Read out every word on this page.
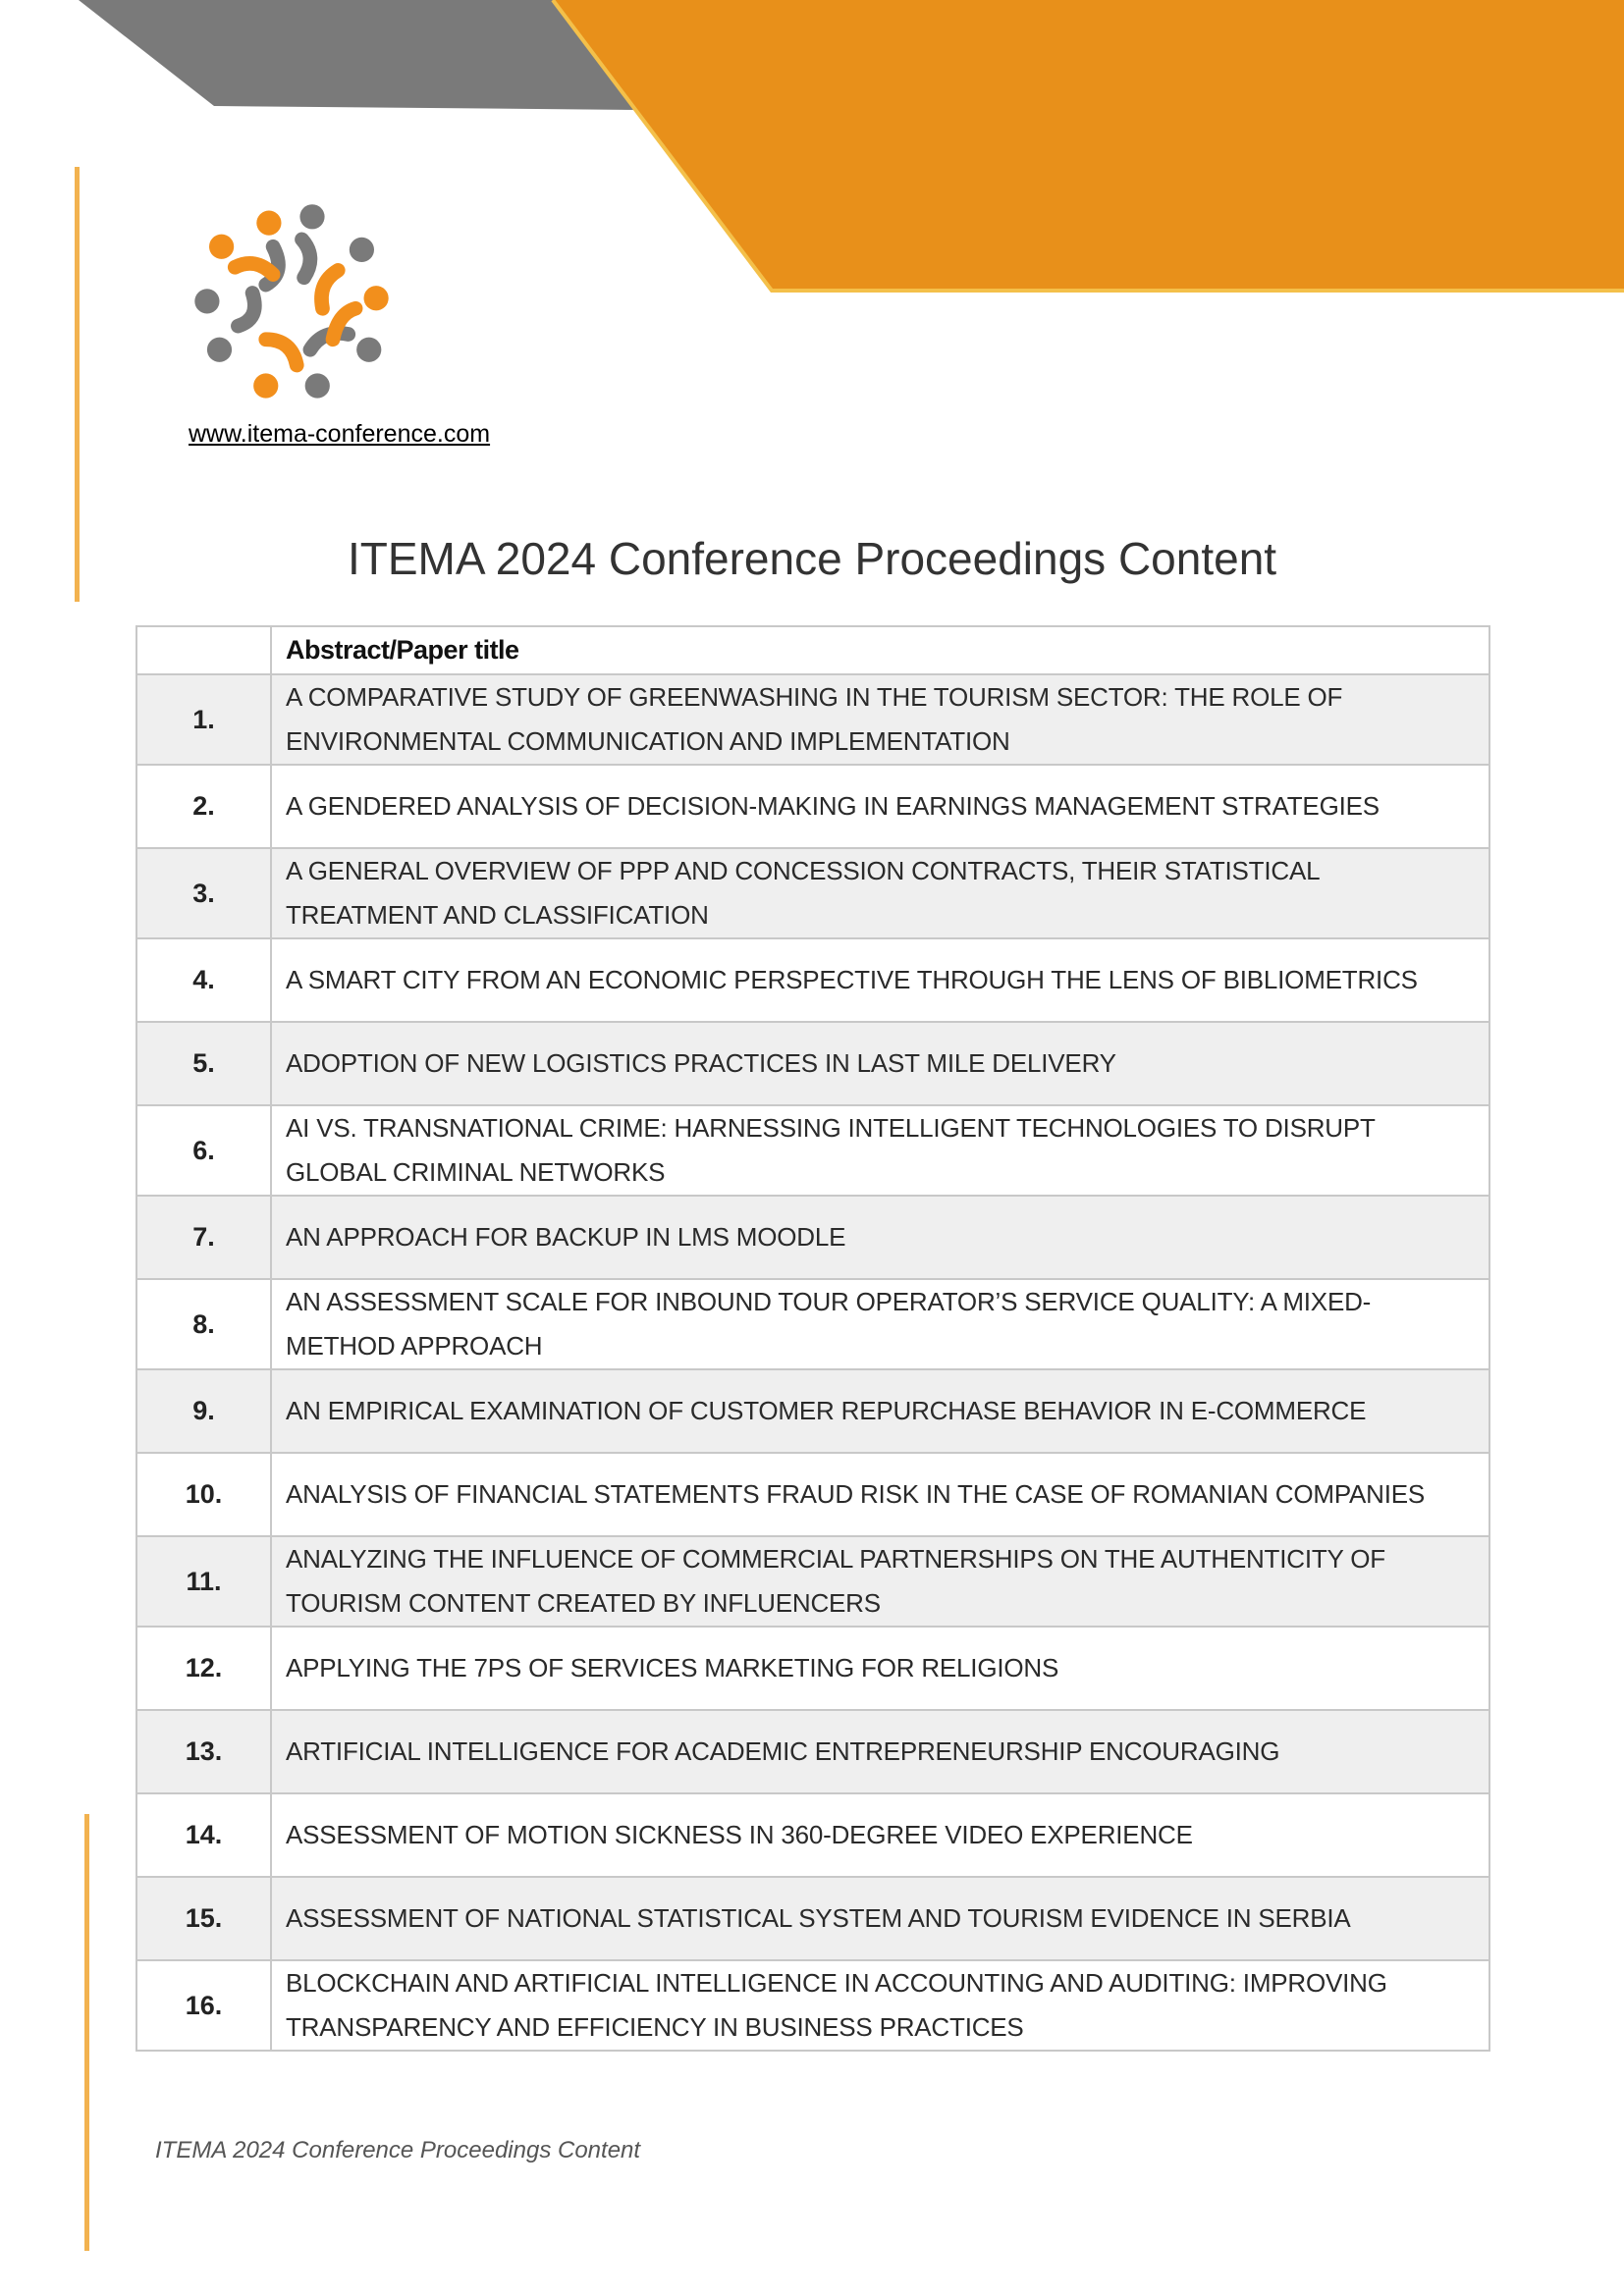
www.itema-conference.com
ITEMA 2024 Conference Proceedings Content
	Abstract/Paper title
1.	A COMPARATIVE STUDY OF GREENWASHING IN THE TOURISM SECTOR: THE ROLE OF ENVIRONMENTAL COMMUNICATION AND IMPLEMENTATION
2.	A GENDERED ANALYSIS OF DECISION-MAKING IN EARNINGS MANAGEMENT STRATEGIES
3.	A GENERAL OVERVIEW OF PPP AND CONCESSION CONTRACTS, THEIR STATISTICAL TREATMENT AND CLASSIFICATION
4.	A SMART CITY FROM AN ECONOMIC PERSPECTIVE THROUGH THE LENS OF BIBLIOMETRICS
5.	ADOPTION OF NEW LOGISTICS PRACTICES IN LAST MILE DELIVERY
6.	AI VS. TRANSNATIONAL CRIME: HARNESSING INTELLIGENT TECHNOLOGIES TO DISRUPT GLOBAL CRIMINAL NETWORKS
7.	AN APPROACH FOR BACKUP IN LMS MOODLE
8.	AN ASSESSMENT SCALE FOR INBOUND TOUR OPERATOR’S SERVICE QUALITY: A MIXED-METHOD APPROACH
9.	AN EMPIRICAL EXAMINATION OF CUSTOMER REPURCHASE BEHAVIOR IN E-COMMERCE
10.	ANALYSIS OF FINANCIAL STATEMENTS FRAUD RISK IN THE CASE OF ROMANIAN COMPANIES
11.	ANALYZING THE INFLUENCE OF COMMERCIAL PARTNERSHIPS ON THE AUTHENTICITY OF TOURISM CONTENT CREATED BY INFLUENCERS
12.	APPLYING THE 7PS OF SERVICES MARKETING FOR RELIGIONS
13.	ARTIFICIAL INTELLIGENCE FOR ACADEMIC ENTREPRENEURSHIP ENCOURAGING
14.	ASSESSMENT OF MOTION SICKNESS IN 360-DEGREE VIDEO EXPERIENCE
15.	ASSESSMENT OF NATIONAL STATISTICAL SYSTEM AND TOURISM EVIDENCE IN SERBIA
16.	BLOCKCHAIN AND ARTIFICIAL INTELLIGENCE IN ACCOUNTING AND AUDITING: IMPROVING TRANSPARENCY AND EFFICIENCY IN BUSINESS PRACTICES
ITEMA 2024 Conference Proceedings Content
